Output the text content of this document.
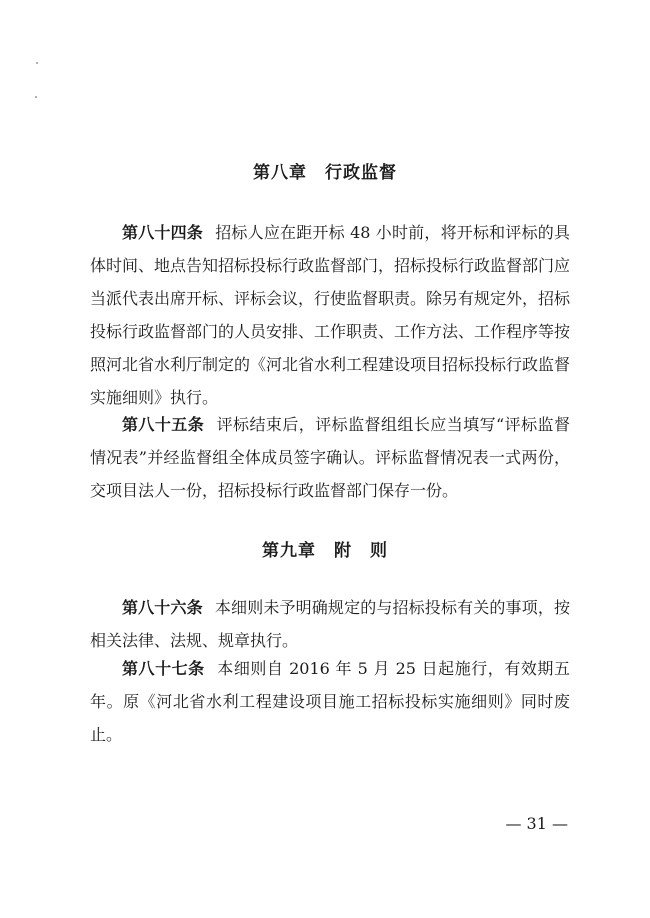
第八章 行政监督

第八十四条 招标人应在距开标 48 小时前，将开标和评标的具体时间、地点告知招标投标行政监督部门，招标投标行政监督部门应当派代表出席开标、评标会议，行使监督职责。除另有规定外，招标投标行政监督部门的人员安排、工作职责、工作方法、工作程序等按照河北省水利厅制定的《河北省水利工程建设项目招标投标行政监督实施细则》执行。

第八十五条 评标结束后，评标监督组组长应当填写“评标监督情况表”并经监督组全体成员签字确认。评标监督情况表一式两份，交项目法人一份，招标投标行政监督部门保存一份。

第九章 附　则

第八十六条 本细则未予明确规定的与招标投标有关的事项，按相关法律、法规、规章执行。

第八十七条 本细则自 2016 年 5 月 25 日起施行，有效期五年。原《河北省水利工程建设项目施工招标投标实施细则》同时废止。

— 31 —
